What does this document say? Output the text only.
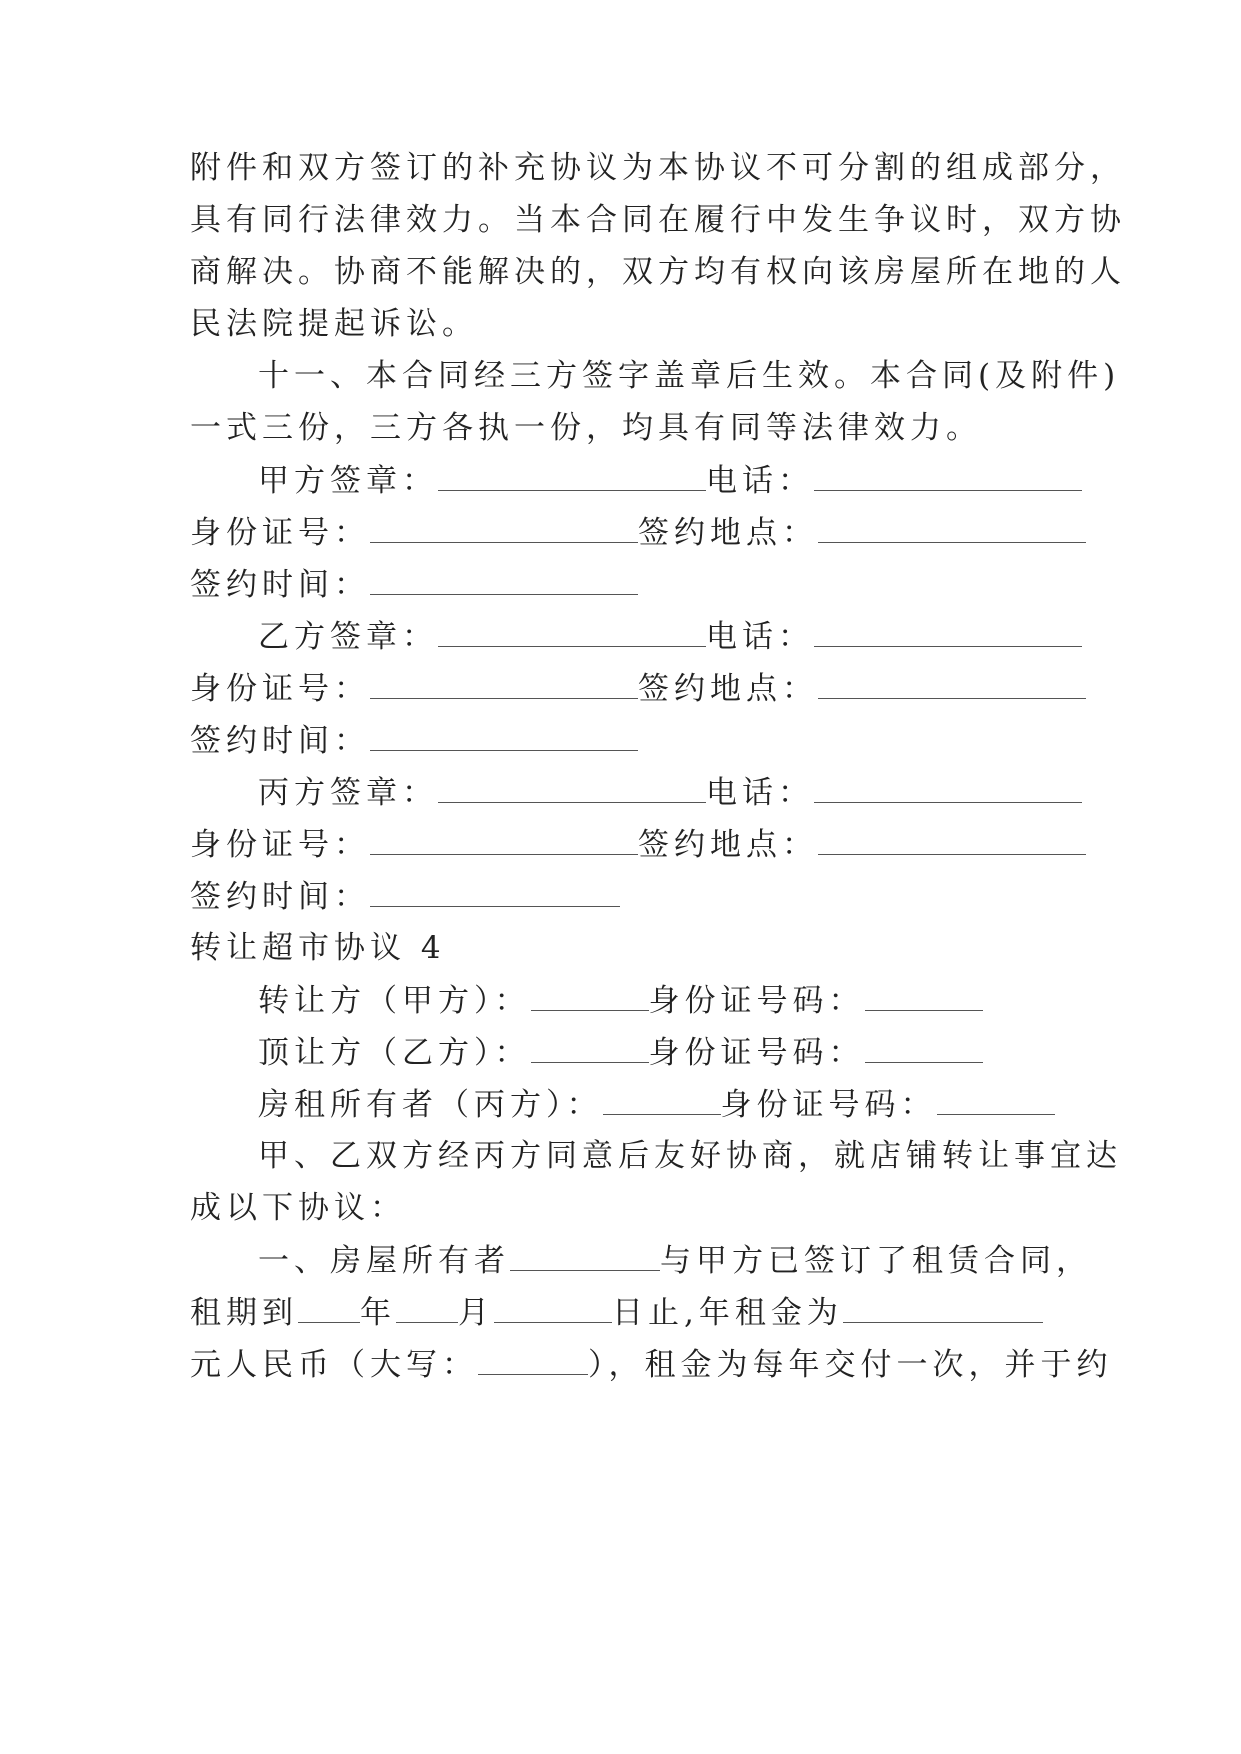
附件和双方签订的补充协议为本协议不可分割的组成部分，
具有同行法律效力。当本合同在履行中发生争议时，双方协
商解决。协商不能解决的，双方均有权向该房屋所在地的人
民法院提起诉讼。
十一、本合同经三方签字盖章后生效。本合同(及附件)
一式三份，三方各执一份，均具有同等法律效力。
甲方签章：	电话：
身份证号：	签约地点：
签约时间：
乙方签章：	电话：
身份证号：	签约地点：
签约时间：
丙方签章：	电话：
身份证号：	签约地点：
签约时间：
转让超市协议 4
转让方（甲方）：	身份证号码：
顶让方（乙方）：	身份证号码：
房租所有者（丙方）：	身份证号码：
甲、乙双方经丙方同意后友好协商，就店铺转让事宜达
成以下协议：
一、房屋所有者	与甲方已签订了租赁合同，
租期到 年 月	日止,年租金为
元人民币（大写：	），租金为每年交付一次，并于约
